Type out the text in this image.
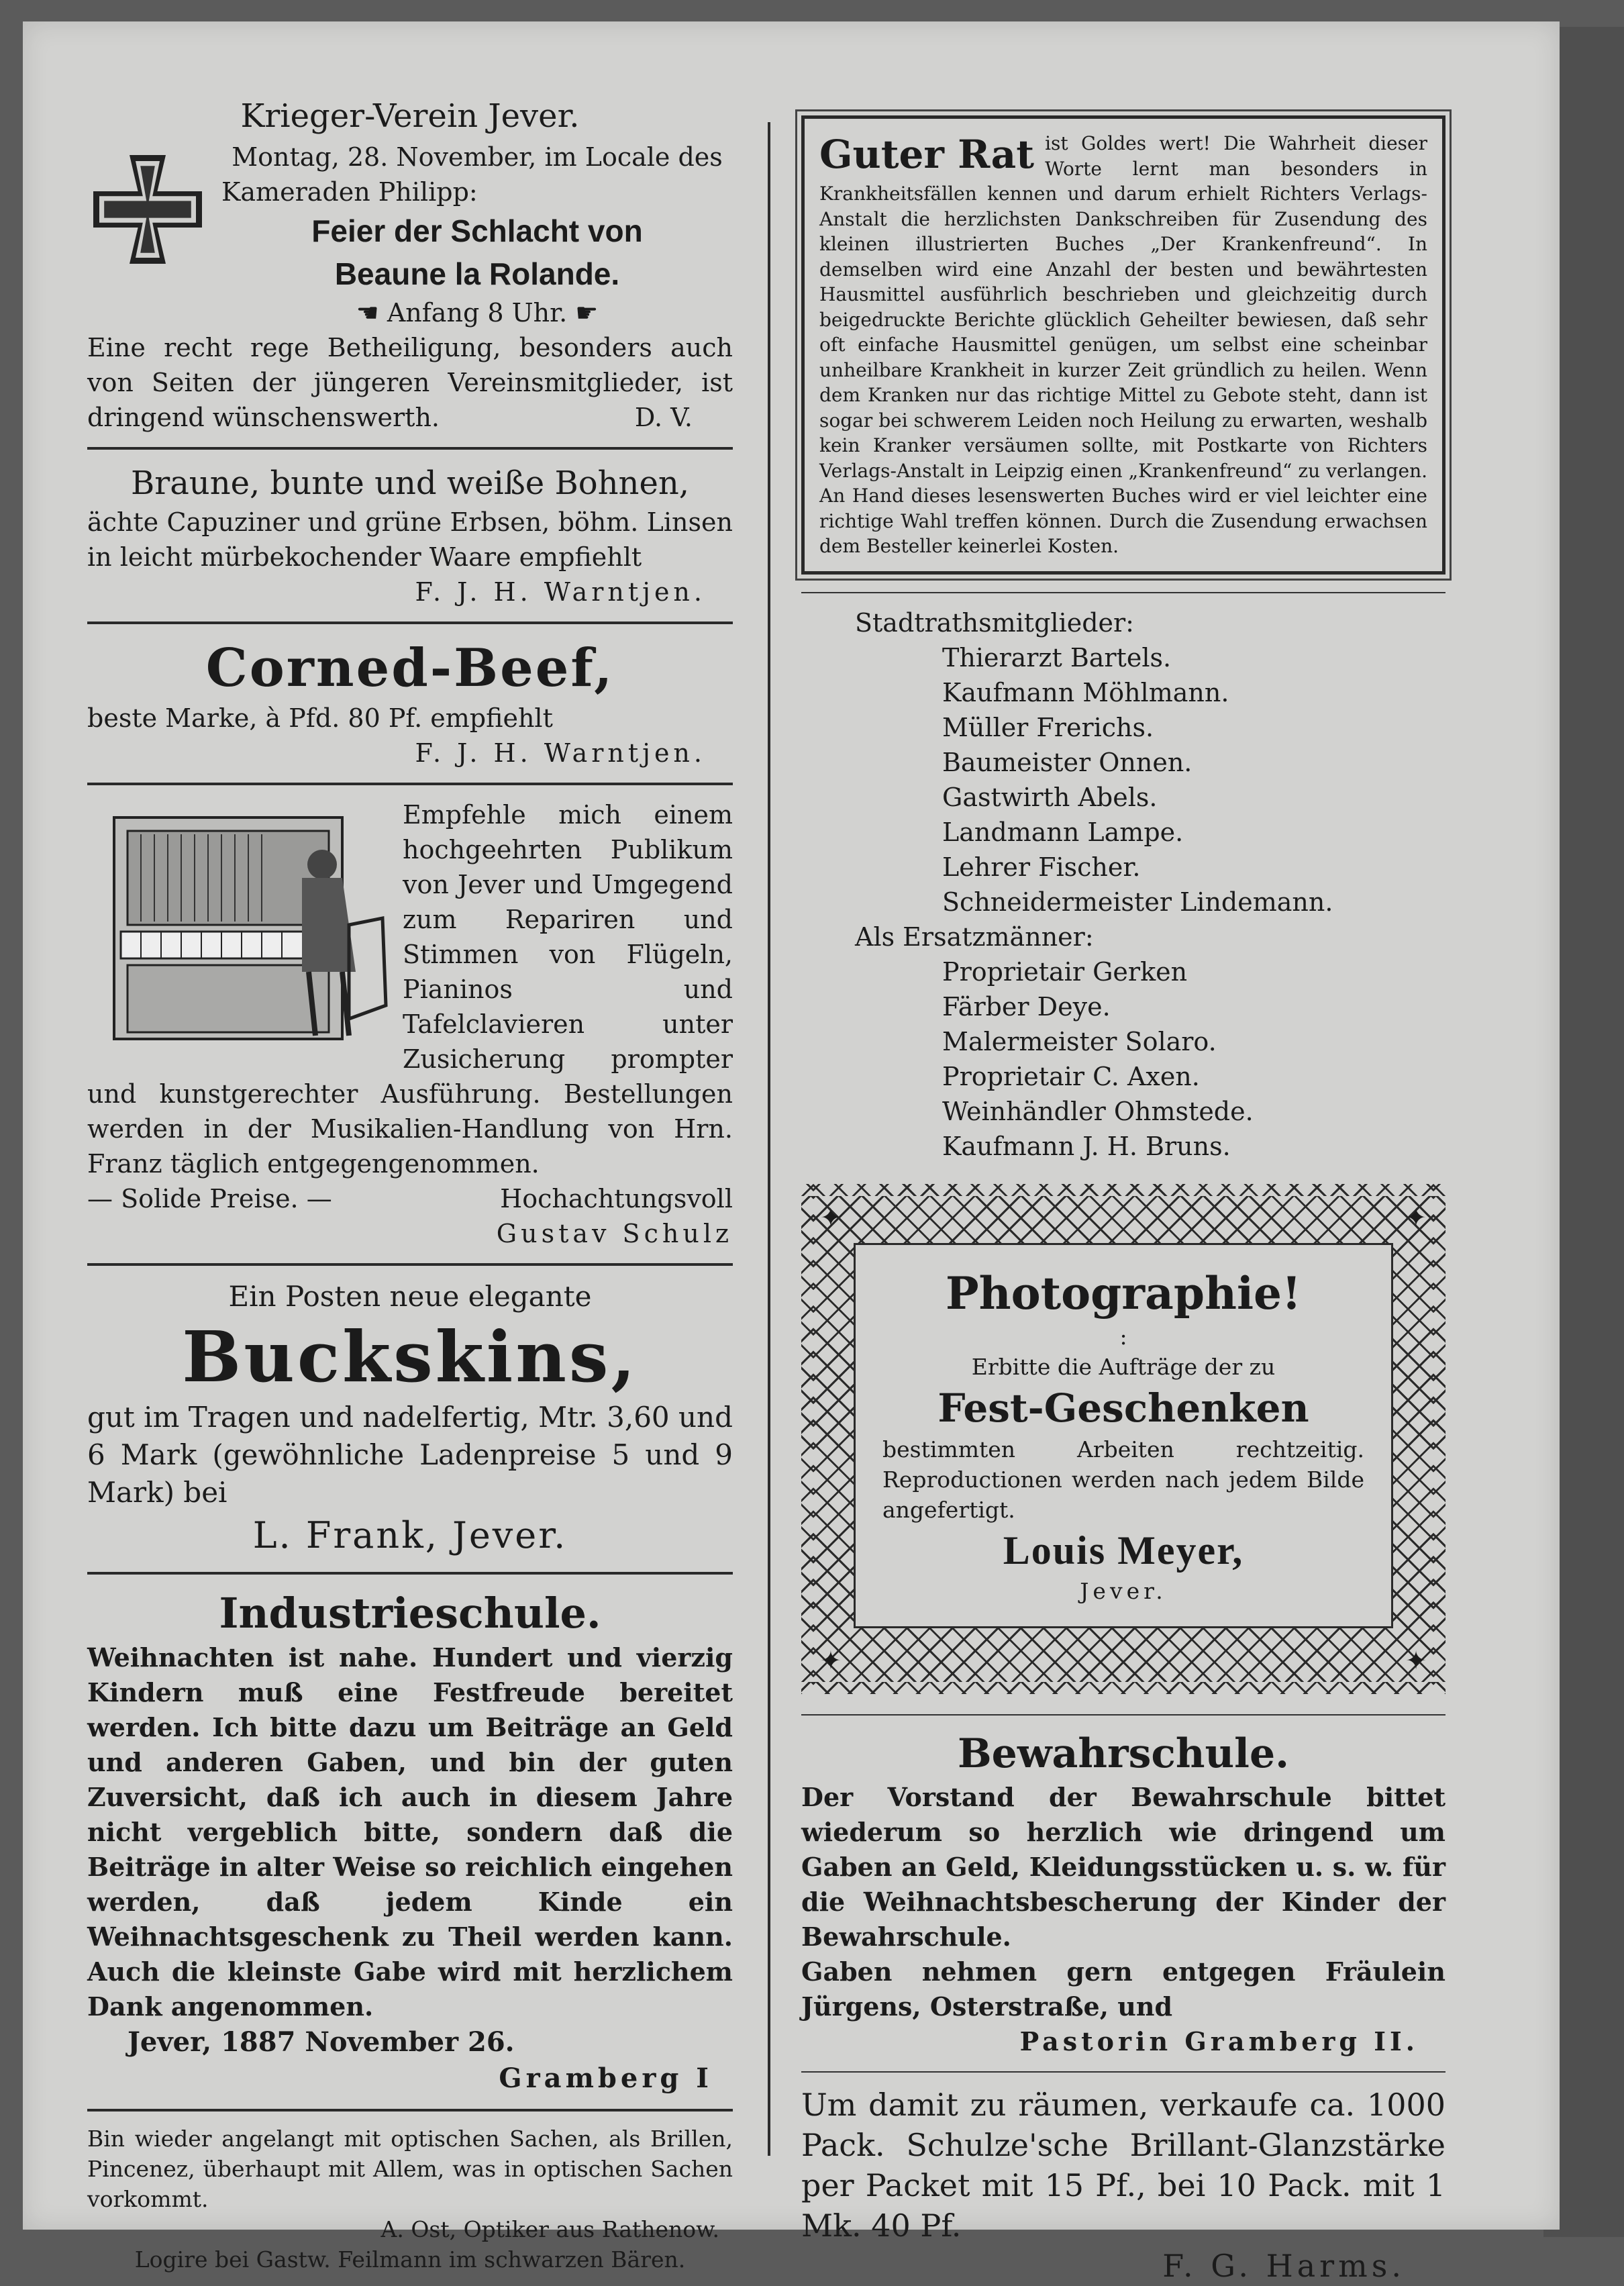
Krieger-Verein Jever.

Montag, 28. November, im Locale des

Kameraden Philipp:

Feier der Schlacht von

Beaune la Rolande.

☚ Anfang 8 Uhr. ☛

Eine recht rege Betheiligung, besonders auch von Seiten der jüngeren Vereinsmitglieder, ist dringend wünschenswerth.	D. V.

Braune, bunte und weiße Bohnen,

ächte Capuziner und grüne Erbsen, böhm. Linsen in leicht mürbekochender Waare empfiehlt

F. J. H. Warntjen.

Corned-Beef,

beste Marke, à Pfd. 80 Pf. empfiehlt

F. J. H. Warntjen.

Empfehle mich einem hochgeehrten Publikum von Jever und Umgegend zum Repariren und Stimmen von Flügeln, Pianinos und Tafelclavieren unter Zusicherung prompter und kunstgerechter Ausführung. Bestellungen werden in der Musikalien-Handlung von Hrn. Franz täglich entgegengenommen.

— Solide Preise. —	Hochachtungsvoll

Gustav Schulz

Ein Posten neue elegante

Buckskins,

gut im Tragen und nadelfertig, Mtr. 3,60 und 6 Mark (gewöhnliche Ladenpreise 5 und 9 Mark) bei

L. Frank, Jever.

Industrieschule.

Weihnachten ist nahe. Hundert und vierzig Kindern muß eine Festfreude bereitet werden. Ich bitte dazu um Beiträge an Geld und anderen Gaben, und bin der guten Zuversicht, daß ich auch in diesem Jahre nicht vergeblich bitte, sondern daß die Beiträge in alter Weise so reichlich eingehen werden, daß jedem Kinde ein Weihnachtsgeschenk zu Theil werden kann. Auch die kleinste Gabe wird mit herzlichem Dank angenommen.

Jever, 1887 November 26.

Gramberg I

Bin wieder angelangt mit optischen Sachen, als Brillen, Pincenez, überhaupt mit Allem, was in optischen Sachen vorkommt.

A. Ost, Optiker aus Rathenow.

Logire bei Gastw. Feilmann im schwarzen Bären.

Guter Rat ist Goldes wert! Die Wahrheit dieser Worte lernt man besonders in Krankheitsfällen kennen und darum erhielt Richters Verlags-Anstalt die herzlichsten Dankschreiben für Zusendung des kleinen illustrierten Buches „Der Krankenfreund“. In demselben wird eine Anzahl der besten und bewährtesten Hausmittel ausführlich beschrieben und gleichzeitig durch beigedruckte Berichte glücklich Geheilter bewiesen, daß sehr oft einfache Hausmittel genügen, um selbst eine scheinbar unheilbare Krankheit in kurzer Zeit gründlich zu heilen. Wenn dem Kranken nur das richtige Mittel zu Gebote steht, dann ist sogar bei schwerem Leiden noch Heilung zu erwarten, weshalb kein Kranker versäumen sollte, mit Postkarte von Richters Verlags-Anstalt in Leipzig einen „Krankenfreund“ zu verlangen. An Hand dieses lesenswerten Buches wird er viel leichter eine richtige Wahl treffen können. Durch die Zusendung erwachsen dem Besteller keinerlei Kosten.

Stadtrathsmitglieder:

Thierarzt Bartels.

Kaufmann Möhlmann.

Müller Frerichs.

Baumeister Onnen.

Gastwirth Abels.

Landmann Lampe.

Lehrer Fischer.

Schneidermeister Lindemann.

Als Ersatzmänner:

Proprietair Gerken

Färber Deye.

Malermeister Solaro.

Proprietair C. Axen.

Weinhändler Ohmstede.

Kaufmann J. H. Bruns.

✦	✦
✦	✦

Photographie!

:

Erbitte die Aufträge der zu

Fest-Geschenken

bestimmten Arbeiten rechtzeitig. Reproductionen werden nach jedem Bilde angefertigt.

Louis Meyer,

Jever.

Bewahrschule.

Der Vorstand der Bewahrschule bittet wiederum so herzlich wie dringend um Gaben an Geld, Kleidungsstücken u. s. w. für die Weihnachtsbescherung der Kinder der Bewahrschule.

Gaben nehmen gern entgegen Fräulein Jürgens, Osterstraße, und

Pastorin Gramberg II.

Um damit zu räumen, verkaufe ca. 1000 Pack. Schulze'sche Brillant-Glanzstärke per Packet mit 15 Pf., bei 10 Pack. mit 1 Mk. 40 Pf.

F. G. Harms.
